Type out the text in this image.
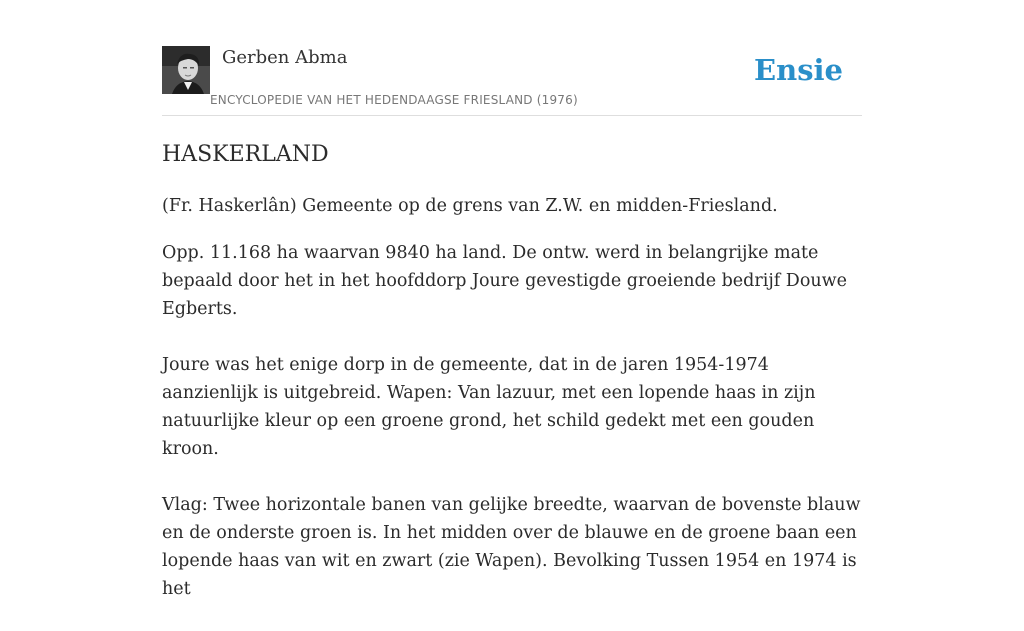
Gerben Abma
ENCYCLOPEDIE VAN HET HEDENDAAGSE FRIESLAND (1976)
Ensie
HASKERLAND

(Fr. Haskerlân) Gemeente op de grens van Z.W. en midden-Friesland.

Opp. 11.168 ha waarvan 9840 ha land. De ontw. werd in belangrijke mate bepaald door het in het hoofddorp Joure gevestigde groeiende bedrijf Douwe Egberts.

Joure was het enige dorp in de gemeente, dat in de jaren 1954-1974 aanzienlijk is uitgebreid. Wapen: Van lazuur, met een lopende haas in zijn natuurlijke kleur op een groene grond, het schild gedekt met een gouden kroon.

Vlag: Twee horizontale banen van gelijke breedte, waarvan de bovenste blauw en de onderste groen is. In het midden over de blauwe en de groene baan een lopende haas van wit en zwart (zie Wapen). Bevolking Tussen 1954 en 1974 is het
